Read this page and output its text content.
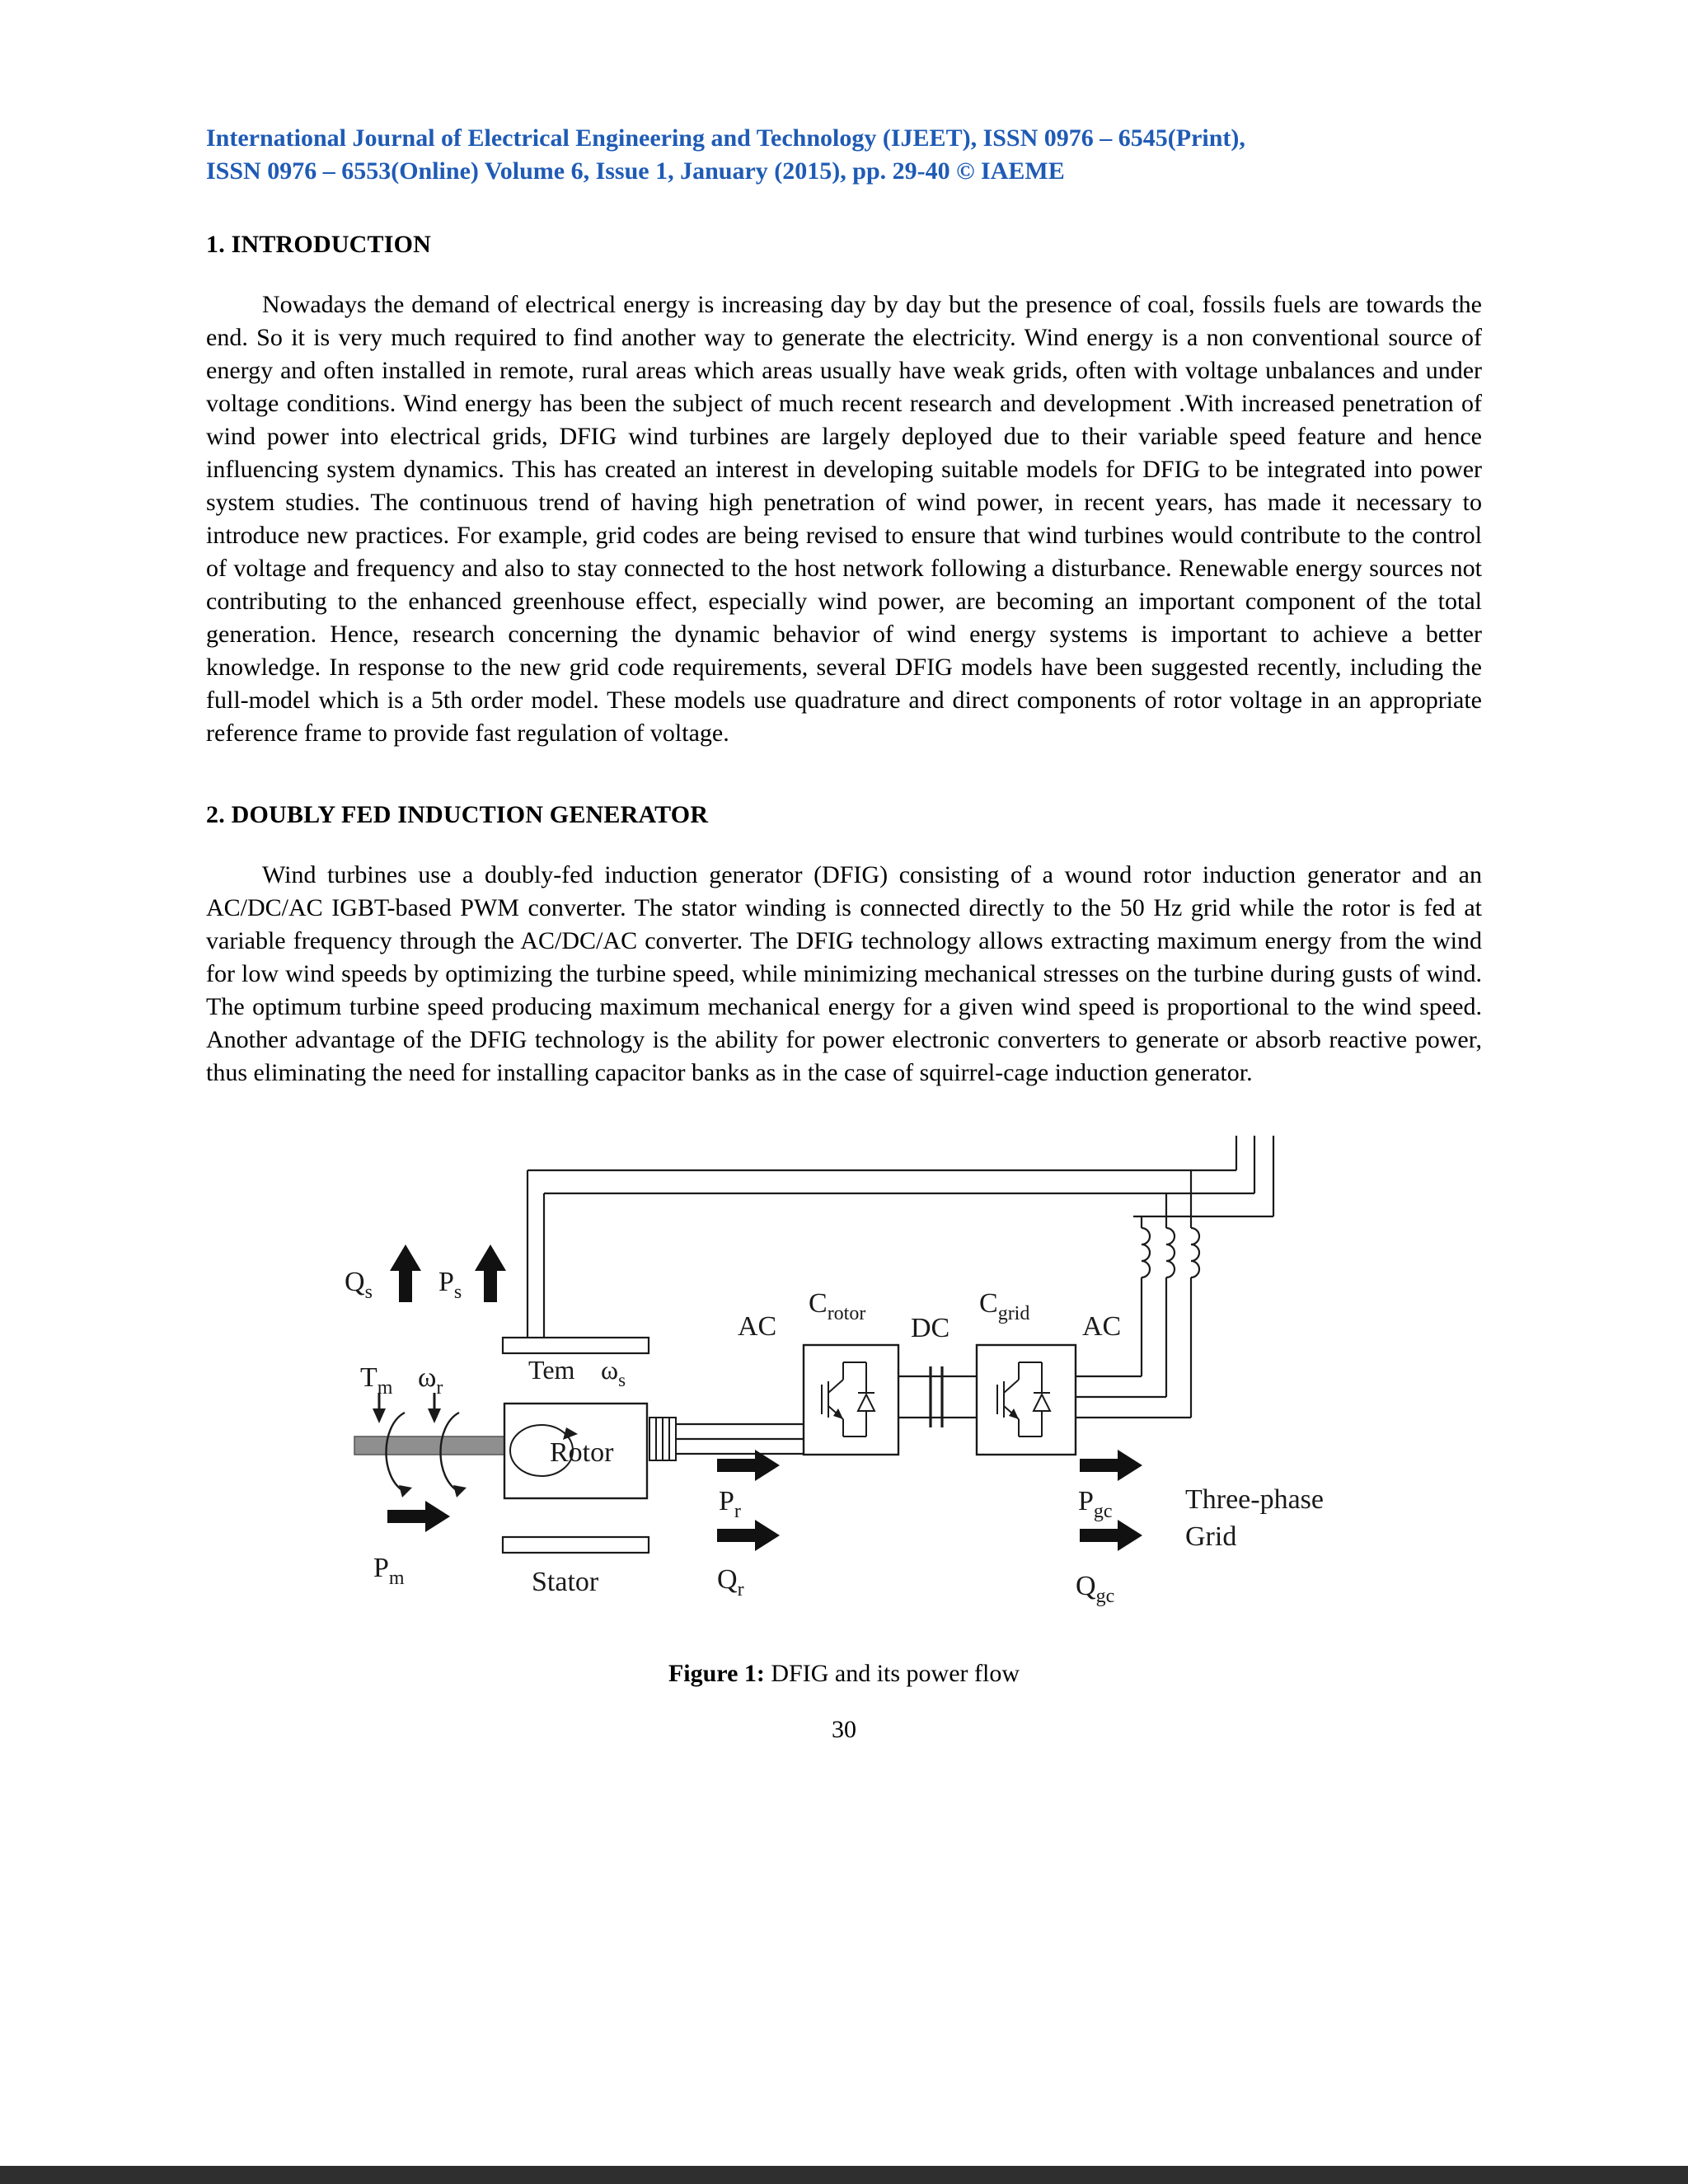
International Journal of Electrical Engineering and Technology (IJEET), ISSN 0976 – 6545(Print),
ISSN 0976 – 6553(Online) Volume 6, Issue 1, January (2015), pp. 29-40 © IAEME
1. INTRODUCTION

Nowadays the demand of electrical energy is increasing day by day but the presence of coal, fossils fuels are towards the end. So it is very much required to find another way to generate the electricity. Wind energy is a non conventional source of energy and often installed in remote, rural areas which areas usually have weak grids, often with voltage unbalances and under voltage conditions. Wind energy has been the subject of much recent research and development .With increased penetration of wind power into electrical grids, DFIG wind turbines are largely deployed due to their variable speed feature and hence influencing system dynamics. This has created an interest in developing suitable models for DFIG to be integrated into power system studies. The continuous trend of having high penetration of wind power, in recent years, has made it necessary to introduce new practices. For example, grid codes are being revised to ensure that wind turbines would contribute to the control of voltage and frequency and also to stay connected to the host network following a disturbance. Renewable energy sources not contributing to the enhanced greenhouse effect, especially wind power, are becoming an important component of the total generation. Hence, research concerning the dynamic behavior of wind energy systems is important to achieve a better knowledge. In response to the new grid code requirements, several DFIG models have been suggested recently, including the full-model which is a 5th order model. These models use quadrature and direct components of rotor voltage in an appropriate reference frame to provide fast regulation of voltage.

2. DOUBLY FED INDUCTION GENERATOR

Wind turbines use a doubly-fed induction generator (DFIG) consisting of a wound rotor induction generator and an AC/DC/AC IGBT-based PWM converter. The stator winding is connected directly to the 50 Hz grid while the rotor is fed at variable frequency through the AC/DC/AC converter. The DFIG technology allows extracting maximum energy from the wind for low wind speeds by optimizing the turbine speed, while minimizing mechanical stresses on the turbine during gusts of wind. The optimum turbine speed producing maximum mechanical energy for a given wind speed is proportional to the wind speed. Another advantage of the DFIG technology is the ability for power electronic converters to generate or absorb reactive power, thus eliminating the need for installing capacitor banks as in the case of squirrel-cage induction generator.

$Q_s$ $P_s$
$T_m$ $\omega_r$
Tem $\omega_s$
Rotor
Stator
$P_m$
AC
$C_{rotor}$ DC
$C_{grid}$ AC
$P_r$
$Q_r$
$P_{gc}$
$Q_{gc}$
Three-phase
Grid
Figure 1: DFIG and its power flow
30
